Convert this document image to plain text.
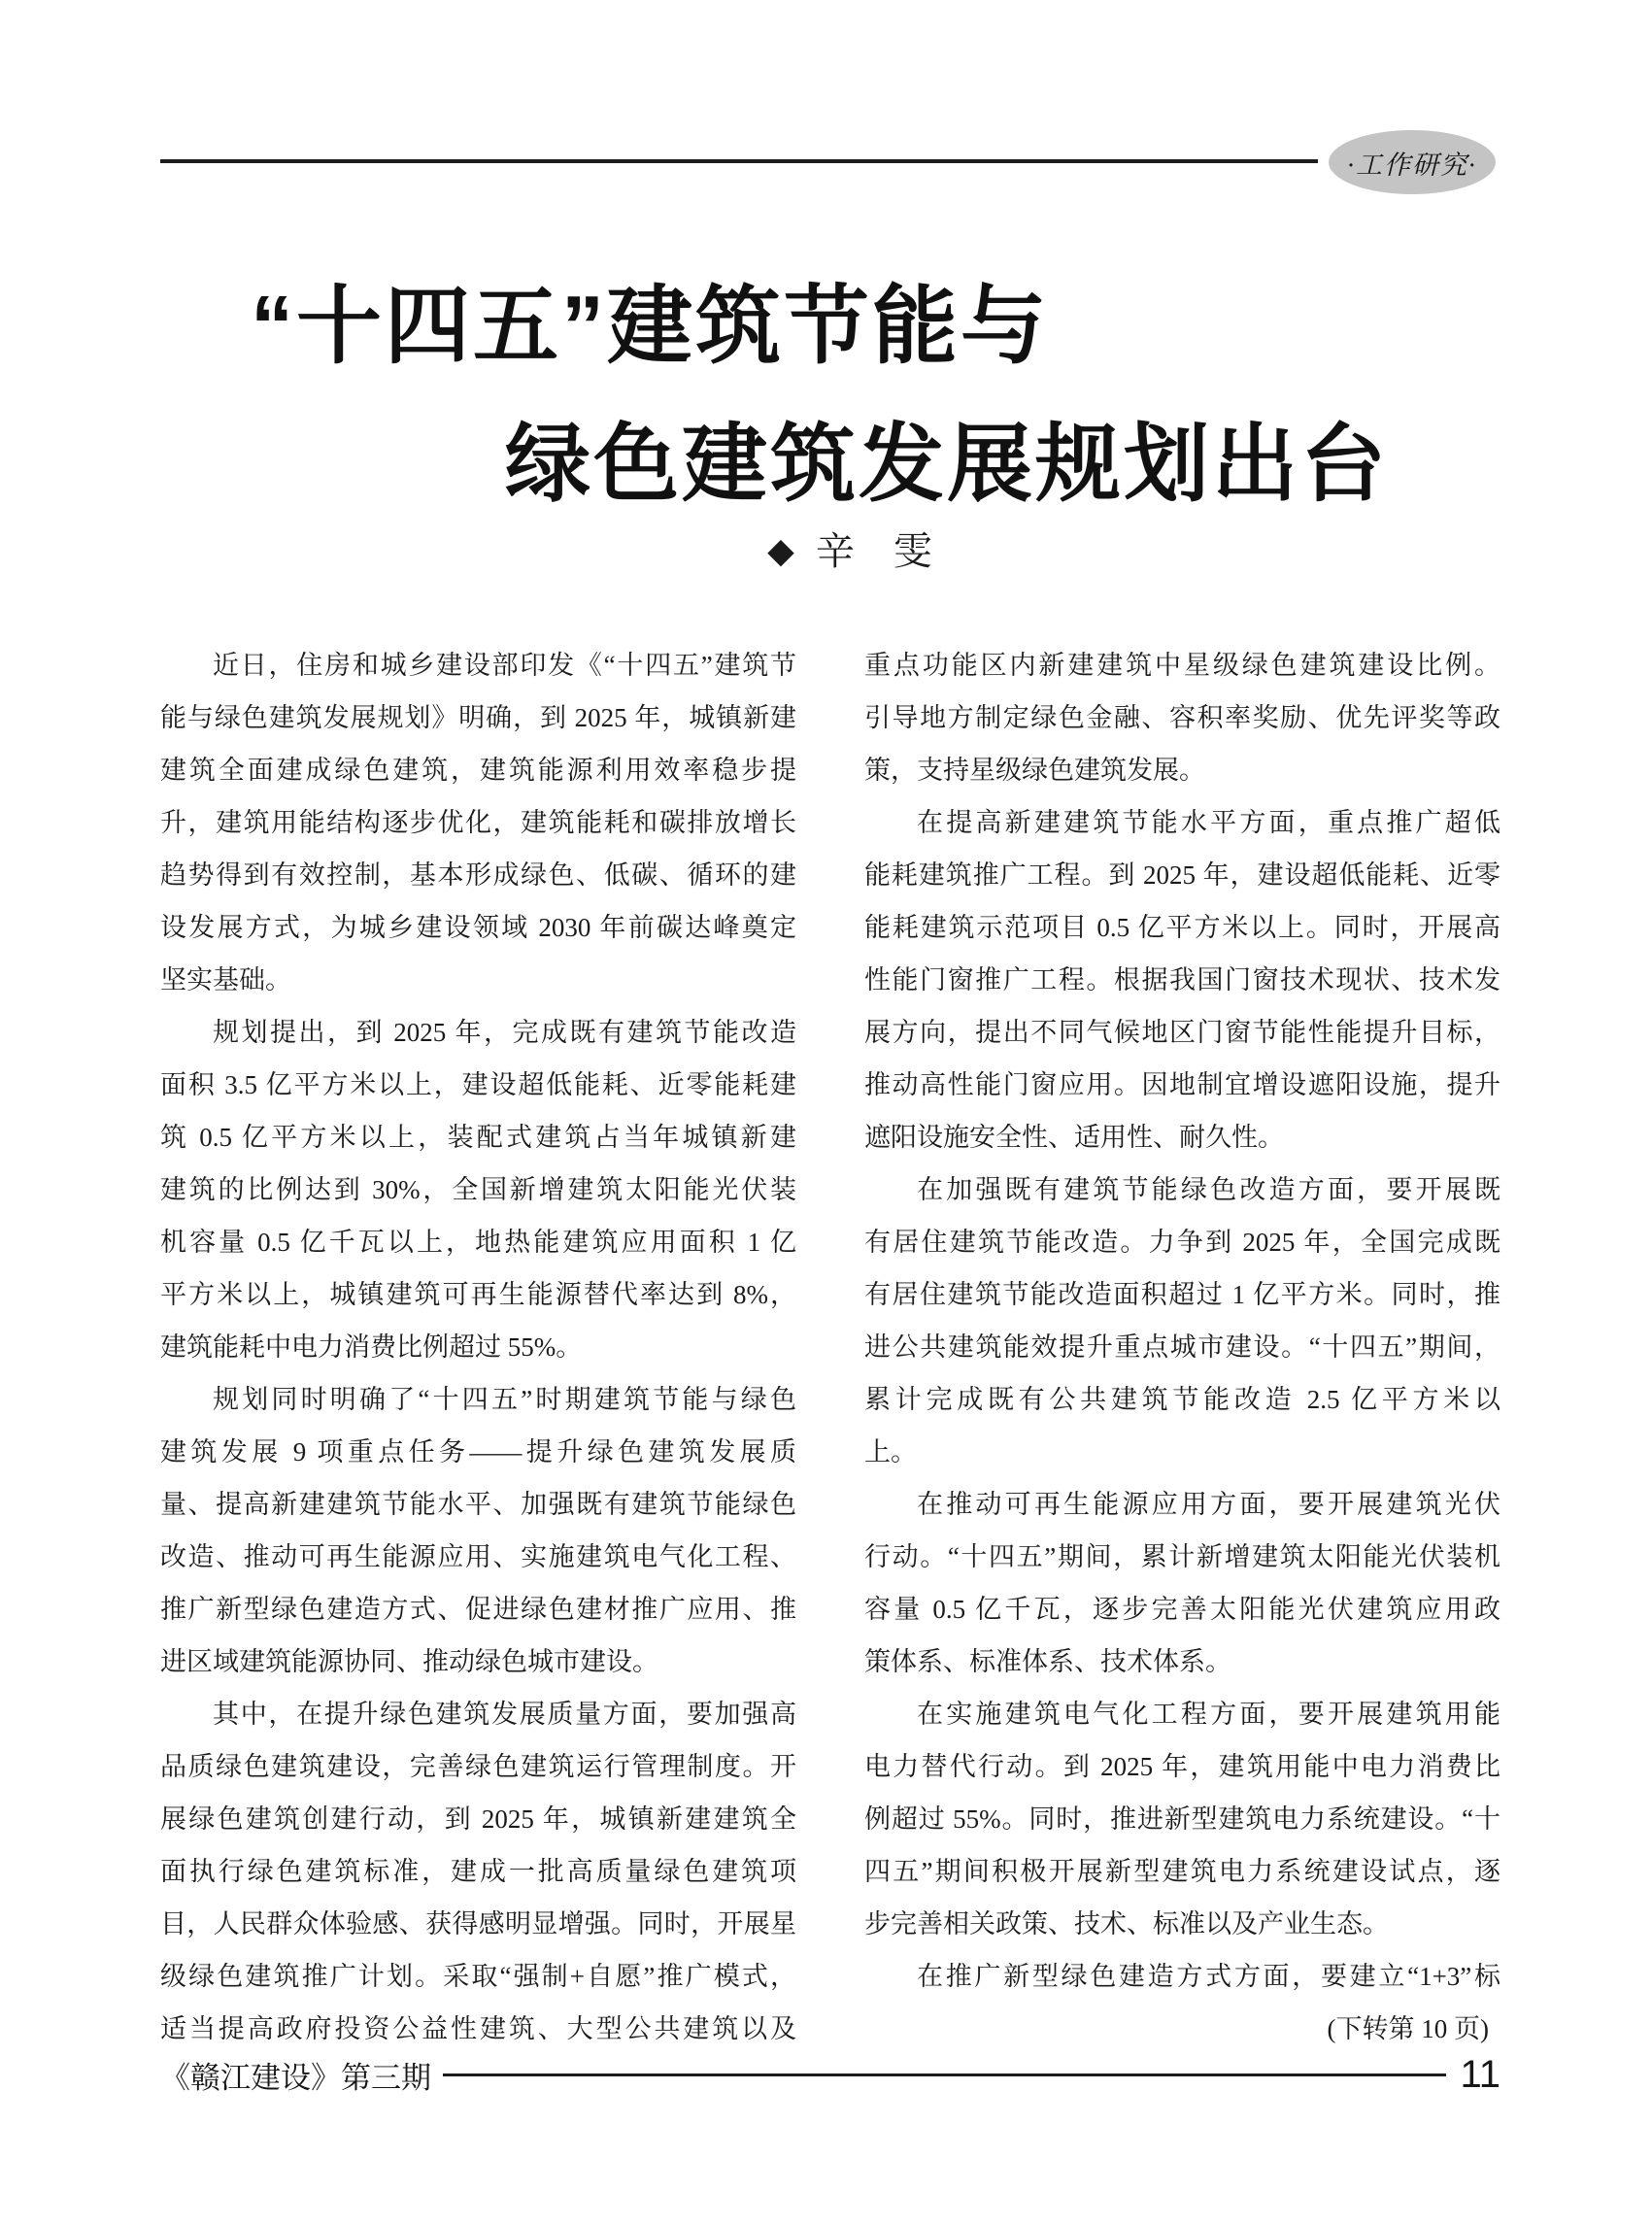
·工作研究·
“十四五”建筑节能与
绿色建筑发展规划出台
◆ 辛　雯
近日，住房和城乡建设部印发《“十四五”建筑节
能与绿色建筑发展规划》明确，到 2025 年，城镇新建
建筑全面建成绿色建筑，建筑能源利用效率稳步提
升，建筑用能结构逐步优化，建筑能耗和碳排放增长
趋势得到有效控制，基本形成绿色、低碳、循环的建
设发展方式，为城乡建设领域 2030 年前碳达峰奠定
坚实基础。
规划提出，到 2025 年，完成既有建筑节能改造
面积 3.5 亿平方米以上，建设超低能耗、近零能耗建
筑 0.5 亿平方米以上，装配式建筑占当年城镇新建
建筑的比例达到 30%，全国新增建筑太阳能光伏装
机容量 0.5 亿千瓦以上，地热能建筑应用面积 1 亿
平方米以上，城镇建筑可再生能源替代率达到 8%，
建筑能耗中电力消费比例超过 55%。
规划同时明确了“十四五”时期建筑节能与绿色
建筑发展 9 项重点任务——提升绿色建筑发展质
量、提高新建建筑节能水平、加强既有建筑节能绿色
改造、推动可再生能源应用、实施建筑电气化工程、
推广新型绿色建造方式、促进绿色建材推广应用、推
进区域建筑能源协同、推动绿色城市建设。
其中，在提升绿色建筑发展质量方面，要加强高
品质绿色建筑建设，完善绿色建筑运行管理制度。开
展绿色建筑创建行动，到 2025 年，城镇新建建筑全
面执行绿色建筑标准，建成一批高质量绿色建筑项
目，人民群众体验感、获得感明显增强。同时，开展星
级绿色建筑推广计划。采取“强制+自愿”推广模式，
适当提高政府投资公益性建筑、大型公共建筑以及
重点功能区内新建建筑中星级绿色建筑建设比例。
引导地方制定绿色金融、容积率奖励、优先评奖等政
策，支持星级绿色建筑发展。
在提高新建建筑节能水平方面，重点推广超低
能耗建筑推广工程。到 2025 年，建设超低能耗、近零
能耗建筑示范项目 0.5 亿平方米以上。同时，开展高
性能门窗推广工程。根据我国门窗技术现状、技术发
展方向，提出不同气候地区门窗节能性能提升目标，
推动高性能门窗应用。因地制宜增设遮阳设施，提升
遮阳设施安全性、适用性、耐久性。
在加强既有建筑节能绿色改造方面，要开展既
有居住建筑节能改造。力争到 2025 年，全国完成既
有居住建筑节能改造面积超过 1 亿平方米。同时，推
进公共建筑能效提升重点城市建设。“十四五”期间，
累计完成既有公共建筑节能改造 2.5 亿平方米以
上。
在推动可再生能源应用方面，要开展建筑光伏
行动。“十四五”期间，累计新增建筑太阳能光伏装机
容量 0.5 亿千瓦，逐步完善太阳能光伏建筑应用政
策体系、标准体系、技术体系。
在实施建筑电气化工程方面，要开展建筑用能
电力替代行动。到 2025 年，建筑用能中电力消费比
例超过 55%。同时，推进新型建筑电力系统建设。“十
四五”期间积极开展新型建筑电力系统建设试点，逐
步完善相关政策、技术、标准以及产业生态。
在推广新型绿色建造方式方面，要建立“1+3”标
(下转第 10 页)
《赣江建设》第三期	11
